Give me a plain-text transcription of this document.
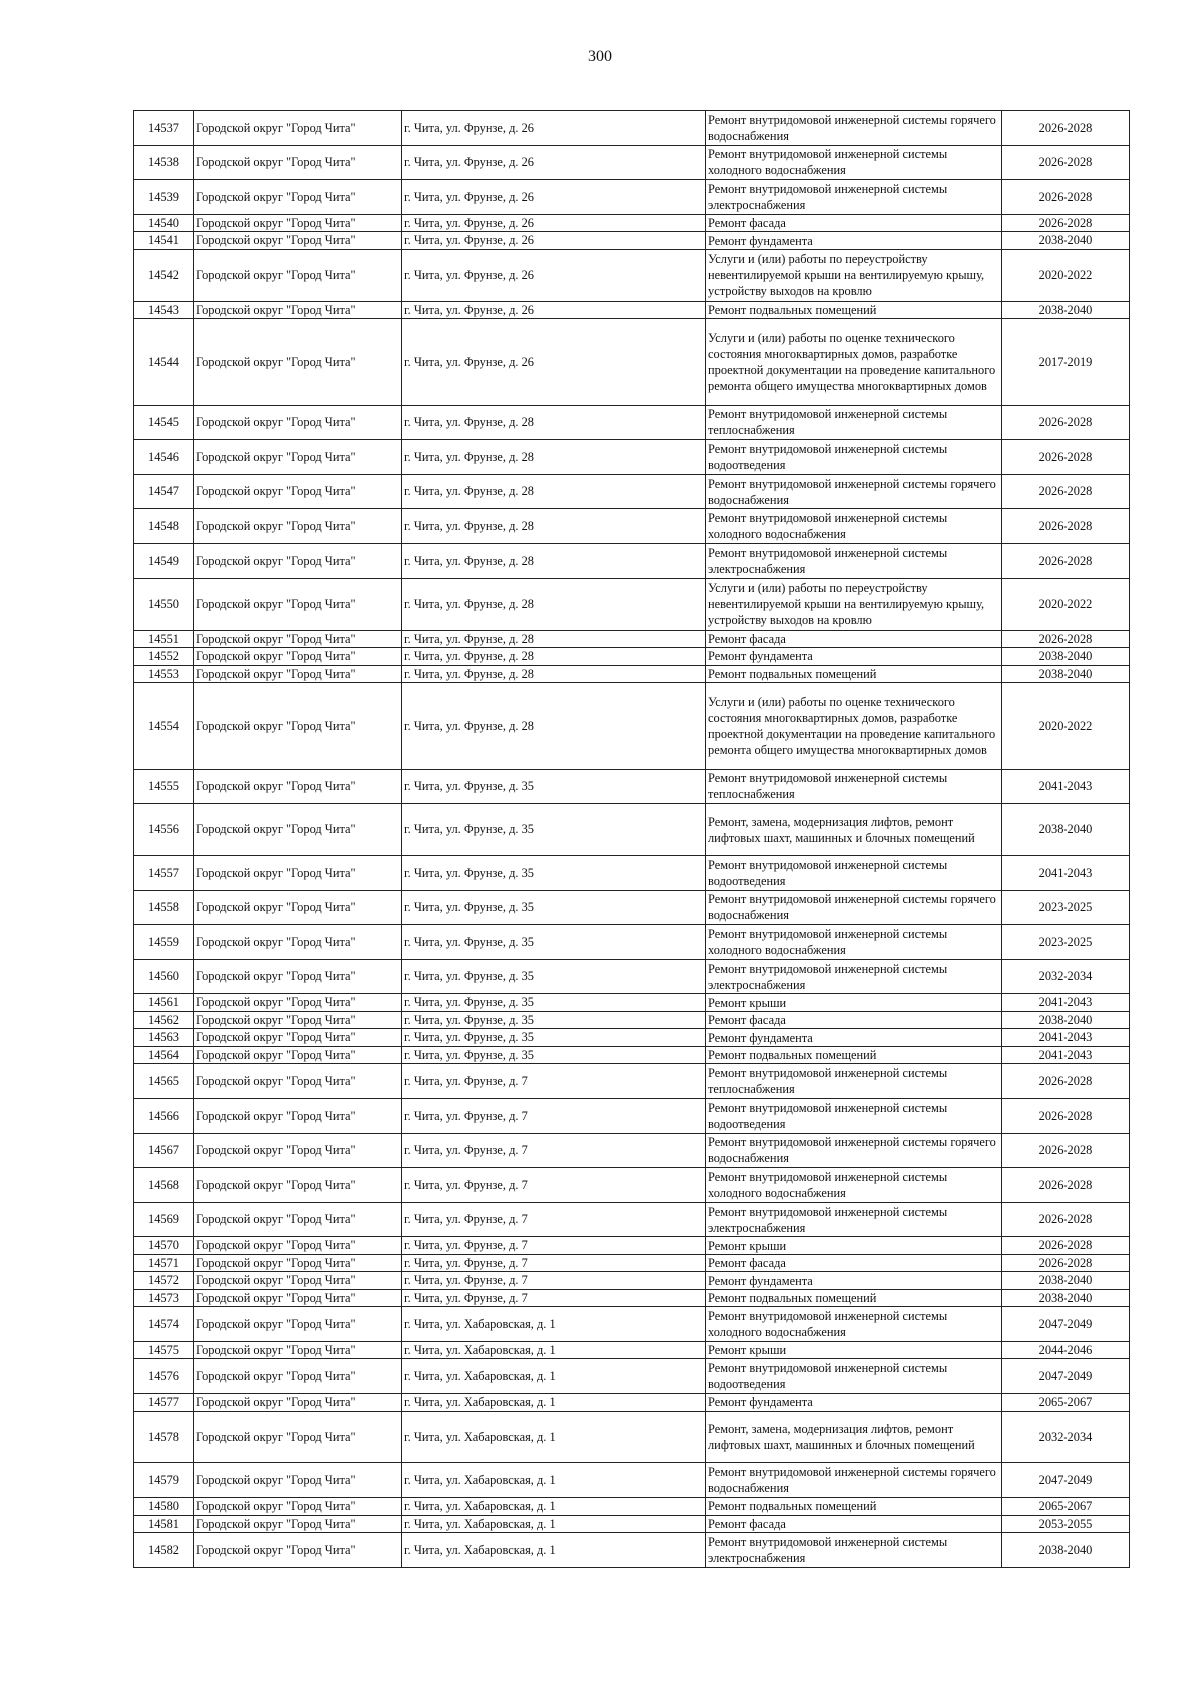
300
14537	Городской округ "Город Чита"	г. Чита, ул. Фрунзе, д. 26	Ремонт внутридомовой инженерной системы горячего водоснабжения	2026-2028
14538	Городской округ "Город Чита"	г. Чита, ул. Фрунзе, д. 26	Ремонт внутридомовой инженерной системы холодного водоснабжения	2026-2028
14539	Городской округ "Город Чита"	г. Чита, ул. Фрунзе, д. 26	Ремонт внутридомовой инженерной системы электроснабжения	2026-2028
14540	Городской округ "Город Чита"	г. Чита, ул. Фрунзе, д. 26	Ремонт фасада	2026-2028
14541	Городской округ "Город Чита"	г. Чита, ул. Фрунзе, д. 26	Ремонт фундамента	2038-2040
14542	Городской округ "Город Чита"	г. Чита, ул. Фрунзе, д. 26	Услуги и (или) работы по переустройству невентилируемой крыши на вентилируемую крышу, устройству выходов на кровлю	2020-2022
14543	Городской округ "Город Чита"	г. Чита, ул. Фрунзе, д. 26	Ремонт подвальных помещений	2038-2040
14544	Городской округ "Город Чита"	г. Чита, ул. Фрунзе, д. 26	Услуги и (или) работы по оценке технического состояния многоквартирных домов, разработке проектной документации на проведение капитального ремонта общего имущества многоквартирных домов	2017-2019
14545	Городской округ "Город Чита"	г. Чита, ул. Фрунзе, д. 28	Ремонт внутридомовой инженерной системы теплоснабжения	2026-2028
14546	Городской округ "Город Чита"	г. Чита, ул. Фрунзе, д. 28	Ремонт внутридомовой инженерной системы водоотведения	2026-2028
14547	Городской округ "Город Чита"	г. Чита, ул. Фрунзе, д. 28	Ремонт внутридомовой инженерной системы горячего водоснабжения	2026-2028
14548	Городской округ "Город Чита"	г. Чита, ул. Фрунзе, д. 28	Ремонт внутридомовой инженерной системы холодного водоснабжения	2026-2028
14549	Городской округ "Город Чита"	г. Чита, ул. Фрунзе, д. 28	Ремонт внутридомовой инженерной системы электроснабжения	2026-2028
14550	Городской округ "Город Чита"	г. Чита, ул. Фрунзе, д. 28	Услуги и (или) работы по переустройству невентилируемой крыши на вентилируемую крышу, устройству выходов на кровлю	2020-2022
14551	Городской округ "Город Чита"	г. Чита, ул. Фрунзе, д. 28	Ремонт фасада	2026-2028
14552	Городской округ "Город Чита"	г. Чита, ул. Фрунзе, д. 28	Ремонт фундамента	2038-2040
14553	Городской округ "Город Чита"	г. Чита, ул. Фрунзе, д. 28	Ремонт подвальных помещений	2038-2040
14554	Городской округ "Город Чита"	г. Чита, ул. Фрунзе, д. 28	Услуги и (или) работы по оценке технического состояния многоквартирных домов, разработке проектной документации на проведение капитального ремонта общего имущества многоквартирных домов	2020-2022
14555	Городской округ "Город Чита"	г. Чита, ул. Фрунзе, д. 35	Ремонт внутридомовой инженерной системы теплоснабжения	2041-2043
14556	Городской округ "Город Чита"	г. Чита, ул. Фрунзе, д. 35	Ремонт, замена, модернизация лифтов, ремонт лифтовых шахт, машинных и блочных помещений	2038-2040
14557	Городской округ "Город Чита"	г. Чита, ул. Фрунзе, д. 35	Ремонт внутридомовой инженерной системы водоотведения	2041-2043
14558	Городской округ "Город Чита"	г. Чита, ул. Фрунзе, д. 35	Ремонт внутридомовой инженерной системы горячего водоснабжения	2023-2025
14559	Городской округ "Город Чита"	г. Чита, ул. Фрунзе, д. 35	Ремонт внутридомовой инженерной системы холодного водоснабжения	2023-2025
14560	Городской округ "Город Чита"	г. Чита, ул. Фрунзе, д. 35	Ремонт внутридомовой инженерной системы электроснабжения	2032-2034
14561	Городской округ "Город Чита"	г. Чита, ул. Фрунзе, д. 35	Ремонт крыши	2041-2043
14562	Городской округ "Город Чита"	г. Чита, ул. Фрунзе, д. 35	Ремонт фасада	2038-2040
14563	Городской округ "Город Чита"	г. Чита, ул. Фрунзе, д. 35	Ремонт фундамента	2041-2043
14564	Городской округ "Город Чита"	г. Чита, ул. Фрунзе, д. 35	Ремонт подвальных помещений	2041-2043
14565	Городской округ "Город Чита"	г. Чита, ул. Фрунзе, д. 7	Ремонт внутридомовой инженерной системы теплоснабжения	2026-2028
14566	Городской округ "Город Чита"	г. Чита, ул. Фрунзе, д. 7	Ремонт внутридомовой инженерной системы водоотведения	2026-2028
14567	Городской округ "Город Чита"	г. Чита, ул. Фрунзе, д. 7	Ремонт внутридомовой инженерной системы горячего водоснабжения	2026-2028
14568	Городской округ "Город Чита"	г. Чита, ул. Фрунзе, д. 7	Ремонт внутридомовой инженерной системы холодного водоснабжения	2026-2028
14569	Городской округ "Город Чита"	г. Чита, ул. Фрунзе, д. 7	Ремонт внутридомовой инженерной системы электроснабжения	2026-2028
14570	Городской округ "Город Чита"	г. Чита, ул. Фрунзе, д. 7	Ремонт крыши	2026-2028
14571	Городской округ "Город Чита"	г. Чита, ул. Фрунзе, д. 7	Ремонт фасада	2026-2028
14572	Городской округ "Город Чита"	г. Чита, ул. Фрунзе, д. 7	Ремонт фундамента	2038-2040
14573	Городской округ "Город Чита"	г. Чита, ул. Фрунзе, д. 7	Ремонт подвальных помещений	2038-2040
14574	Городской округ "Город Чита"	г. Чита, ул. Хабаровская, д. 1	Ремонт внутридомовой инженерной системы холодного водоснабжения	2047-2049
14575	Городской округ "Город Чита"	г. Чита, ул. Хабаровская, д. 1	Ремонт крыши	2044-2046
14576	Городской округ "Город Чита"	г. Чита, ул. Хабаровская, д. 1	Ремонт внутридомовой инженерной системы водоотведения	2047-2049
14577	Городской округ "Город Чита"	г. Чита, ул. Хабаровская, д. 1	Ремонт фундамента	2065-2067
14578	Городской округ "Город Чита"	г. Чита, ул. Хабаровская, д. 1	Ремонт, замена, модернизация лифтов, ремонт лифтовых шахт, машинных и блочных помещений	2032-2034
14579	Городской округ "Город Чита"	г. Чита, ул. Хабаровская, д. 1	Ремонт внутридомовой инженерной системы горячего водоснабжения	2047-2049
14580	Городской округ "Город Чита"	г. Чита, ул. Хабаровская, д. 1	Ремонт подвальных помещений	2065-2067
14581	Городской округ "Город Чита"	г. Чита, ул. Хабаровская, д. 1	Ремонт фасада	2053-2055
14582	Городской округ "Город Чита"	г. Чита, ул. Хабаровская, д. 1	Ремонт внутридомовой инженерной системы электроснабжения	2038-2040
